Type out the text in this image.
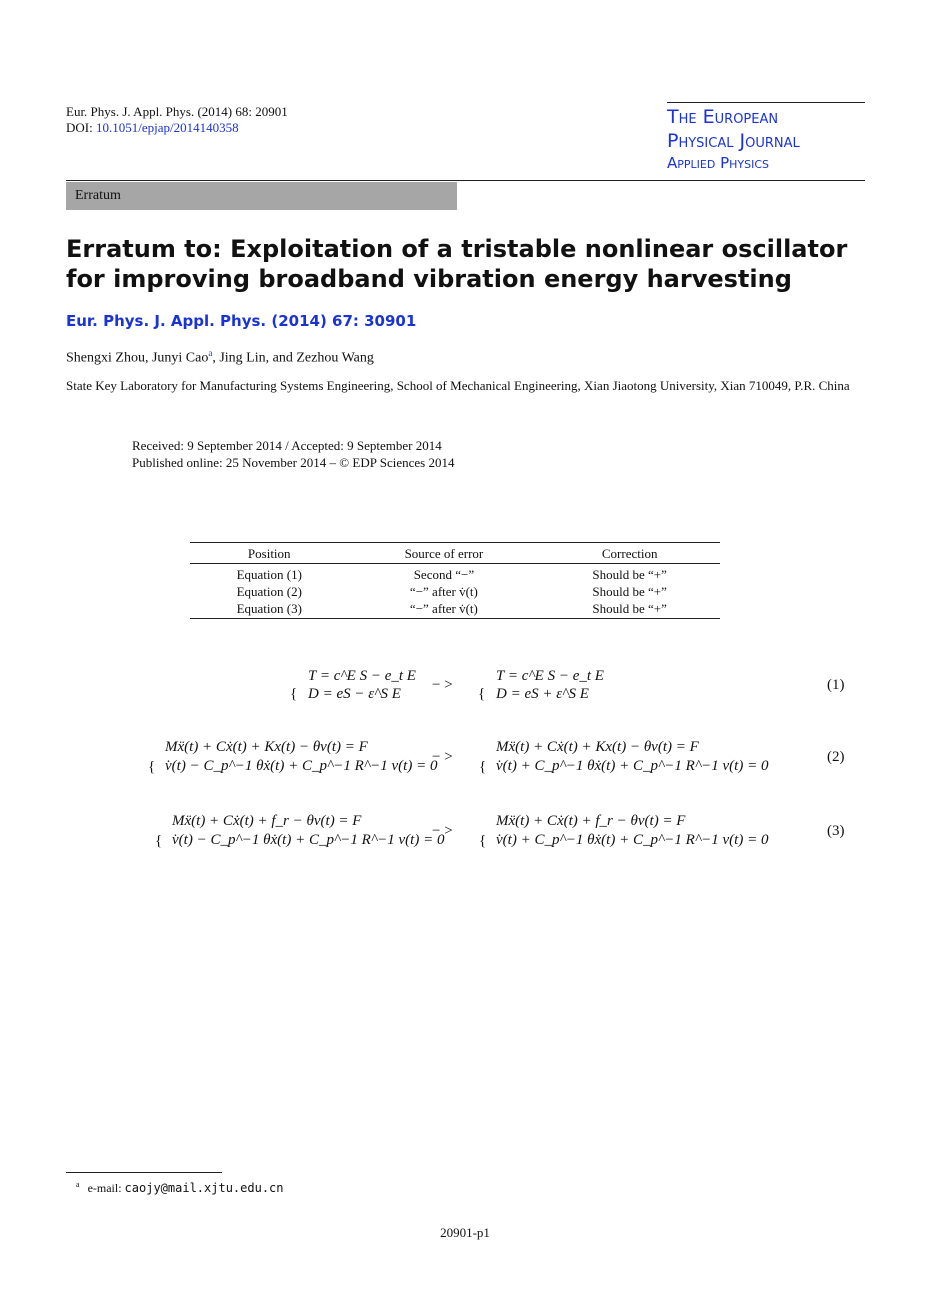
Eur. Phys. J. Appl. Phys. (2014) 68: 20901
DOI: 10.1051/epjap/2014140358	The European
Physical Journal
Applied Physics
Erratum
Erratum to: Exploitation of a tristable nonlinear oscillator
for improving broadband vibration energy harvesting
Eur. Phys. J. Appl. Phys. (2014) 67: 30901
Shengxi Zhou, Junyi Cao$^a$, Jing Lin, and Zezhou Wang
State Key Laboratory for Manufacturing Systems Engineering, School of Mechanical Engineering, Xian Jiaotong University, Xian 710049, P.R. China
Received: 9 September 2014 / Accepted: 9 September 2014
Published online: 25 November 2014 – © EDP Sciences 2014
Position	Source of error	Correction
Equation (1)	Second “−”	Should be “+”
Equation (2)	“−” after v̇(t)	Should be “+”
Equation (3)	“−” after v̇(t)	Should be “+”
{
T = c^E S − e_t E
D = eS − ε^S E
− >
{
T = c^E S − e_t E
D = eS + ε^S E
(1)
{
Mẍ(t) + Cẋ(t) + Kx(t) − θv(t) = F
v̇(t) − C_p^−1 θẋ(t) + C_p^−1 R^−1 v(t) = 0
− >
{
Mẍ(t) + Cẋ(t) + Kx(t) − θv(t) = F
v̇(t) + C_p^−1 θẋ(t) + C_p^−1 R^−1 v(t) = 0
(2)
{
Mẍ(t) + Cẋ(t) + f_r − θv(t) = F
v̇(t) − C_p^−1 θẋ(t) + C_p^−1 R^−1 v(t) = 0
− >
{
Mẍ(t) + Cẋ(t) + f_r − θv(t) = F
v̇(t) + C_p^−1 θẋ(t) + C_p^−1 R^−1 v(t) = 0
(3)
$^a$ e-mail: caojy@mail.xjtu.edu.cn
20901-p1
